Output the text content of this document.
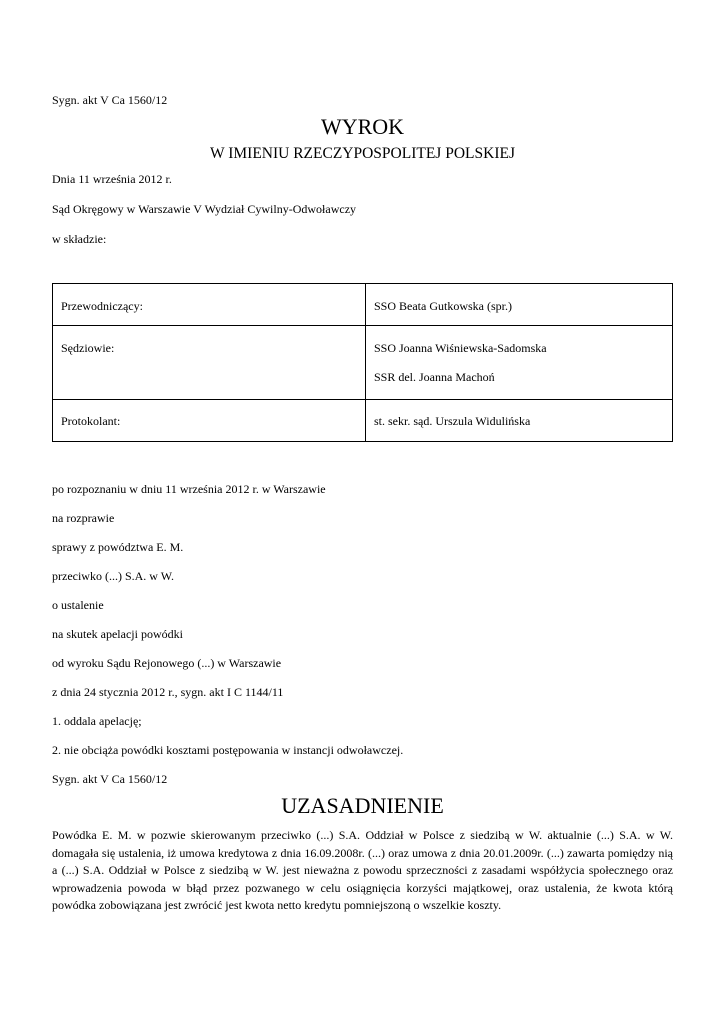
Sygn. akt V Ca 1560/12
WYROK
W IMIENIU RZECZYPOSPOLITEJ POLSKIEJ
Dnia 11 września 2012 r.
Sąd Okręgowy w Warszawie V Wydział Cywilny-Odwoławczy
w składzie:
Przewodniczący:	SSO Beata Gutkowska (spr.)

Sędziowie:	SSO Joanna Wiśniewska-Sadomska
SSR del. Joanna Machoń

Protokolant:	st. sekr. sąd. Urszula Widulińska
po rozpoznaniu w dniu 11 września 2012 r. w Warszawie
na rozprawie
sprawy z powództwa E. M.
przeciwko (...) S.A. w W.
o ustalenie
na skutek apelacji powódki
od wyroku Sądu Rejonowego (...) w Warszawie
z dnia 24 stycznia 2012 r., sygn. akt I C 1144/11
1. oddala apelację;
2. nie obciąża powódki kosztami postępowania w instancji odwoławczej.
Sygn. akt V Ca 1560/12
UZASADNIENIE
Powódka E. M. w pozwie skierowanym przeciwko (...) S.A. Oddział w Polsce z siedzibą w W. aktualnie (...) S.A. w W. domagała się ustalenia, iż umowa kredytowa z dnia 16.09.2008r. (...) oraz umowa z dnia 20.01.2009r. (...) zawarta pomiędzy nią a (...) S.A. Oddział w Polsce z siedzibą w W. jest nieważna z powodu sprzeczności z zasadami współżycia społecznego oraz wprowadzenia powoda w błąd przez pozwanego w celu osiągnięcia korzyści majątkowej, oraz ustalenia, że kwota którą powódka zobowiązana jest zwrócić jest kwota netto kredytu pomniejszoną o wszelkie koszty.
